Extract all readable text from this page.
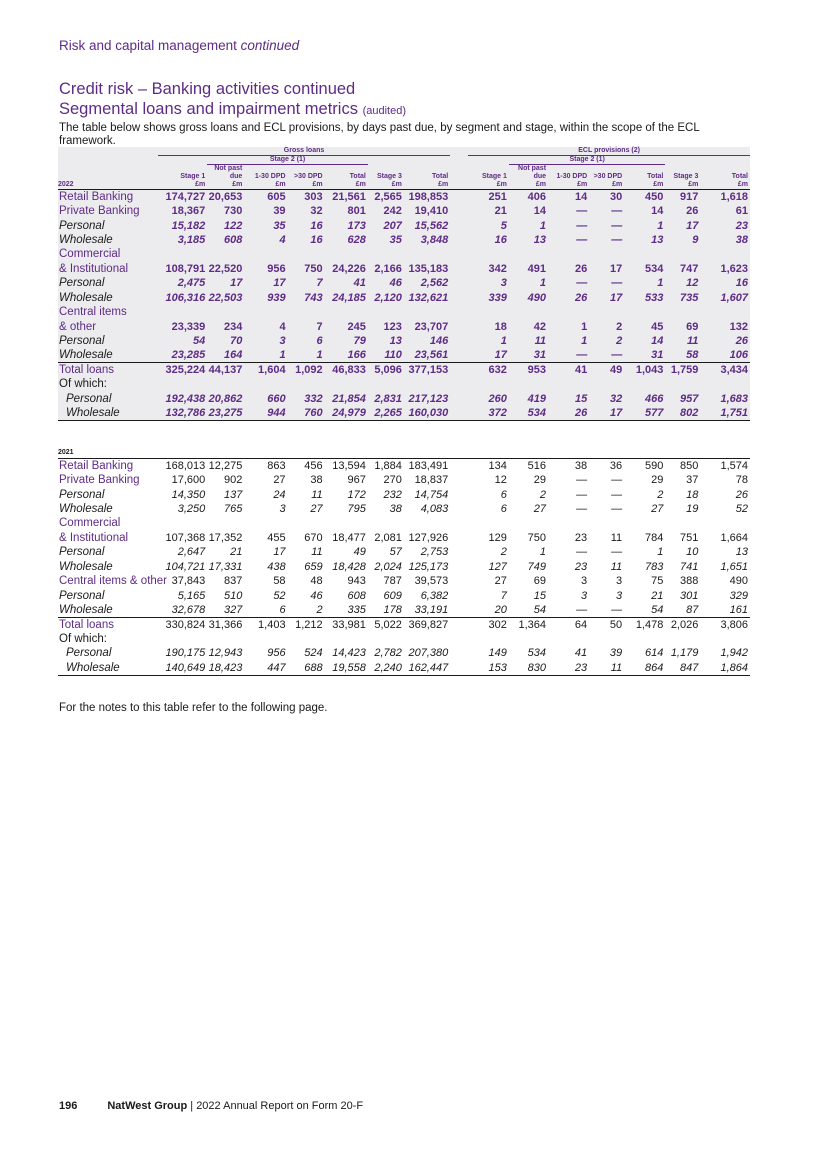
Risk and capital management continued
Credit risk – Banking activities continued
Segmental loans and impairment metrics (audited)
The table below shows gross loans and ECL provisions, by days past due, by segment and stage, within the scope of the ECL framework.
	Gross loans							ECL provisions (2)						
		Stage 2 (1)							Stage 2 (1)					
		Not past							Not past					
	Stage 1	due	1-30 DPD	>30 DPD	Total	Stage 3	Total	Stage 1	due	1-30 DPD	>30 DPD	Total	Stage 3	Total
2022	£m	£m	£m	£m	£m	£m	£m	£m	£m	£m	£m	£m	£m	£m
Retail Banking	174,727	20,653	605	303	21,561	2,565	198,853	251	406	14	30	450	917	1,618
Private Banking	18,367	730	39	32	801	242	19,410	21	14	—	—	14	26	61
Personal	15,182	122	35	16	173	207	15,562	5	1	—	—	1	17	23
Wholesale	3,185	608	4	16	628	35	3,848	16	13	—	—	13	9	38
Commercial														
& Institutional	108,791	22,520	956	750	24,226	2,166	135,183	342	491	26	17	534	747	1,623
Personal	2,475	17	17	7	41	46	2,562	3	1	—	—	1	12	16
Wholesale	106,316	22,503	939	743	24,185	2,120	132,621	339	490	26	17	533	735	1,607
Central items														
& other	23,339	234	4	7	245	123	23,707	18	42	1	2	45	69	132
Personal	54	70	3	6	79	13	146	1	11	1	2	14	11	26
Wholesale	23,285	164	1	1	166	110	23,561	17	31	—	—	31	58	106
Total loans	325,224	44,137	1,604	1,092	46,833	5,096	377,153	632	953	41	49	1,043	1,759	3,434
Of which:														
Personal	192,438	20,862	660	332	21,854	2,831	217,123	260	419	15	32	466	957	1,683
Wholesale	132,786	23,275	944	760	24,979	2,265	160,030	372	534	26	17	577	802	1,751
2021														
Retail Banking	168,013	12,275	863	456	13,594	1,884	183,491	134	516	38	36	590	850	1,574
Private Banking	17,600	902	27	38	967	270	18,837	12	29	—	—	29	37	78
Personal	14,350	137	24	11	172	232	14,754	6	2	—	—	2	18	26
Wholesale	3,250	765	3	27	795	38	4,083	6	27	—	—	27	19	52
Commercial														
& Institutional	107,368	17,352	455	670	18,477	2,081	127,926	129	750	23	11	784	751	1,664
Personal	2,647	21	17	11	49	57	2,753	2	1	—	—	1	10	13
Wholesale	104,721	17,331	438	659	18,428	2,024	125,173	127	749	23	11	783	741	1,651
Central items & other	37,843	837	58	48	943	787	39,573	27	69	3	3	75	388	490
Personal	5,165	510	52	46	608	609	6,382	7	15	3	3	21	301	329
Wholesale	32,678	327	6	2	335	178	33,191	20	54	—	—	54	87	161
Total loans	330,824	31,366	1,403	1,212	33,981	5,022	369,827	302	1,364	64	50	1,478	2,026	3,806
Of which:														
Personal	190,175	12,943	956	524	14,423	2,782	207,380	149	534	41	39	614	1,179	1,942
Wholesale	140,649	18,423	447	688	19,558	2,240	162,447	153	830	23	11	864	847	1,864
For the notes to this table refer to the following page.
196	NatWest Group | 2022 Annual Report on Form 20-F
